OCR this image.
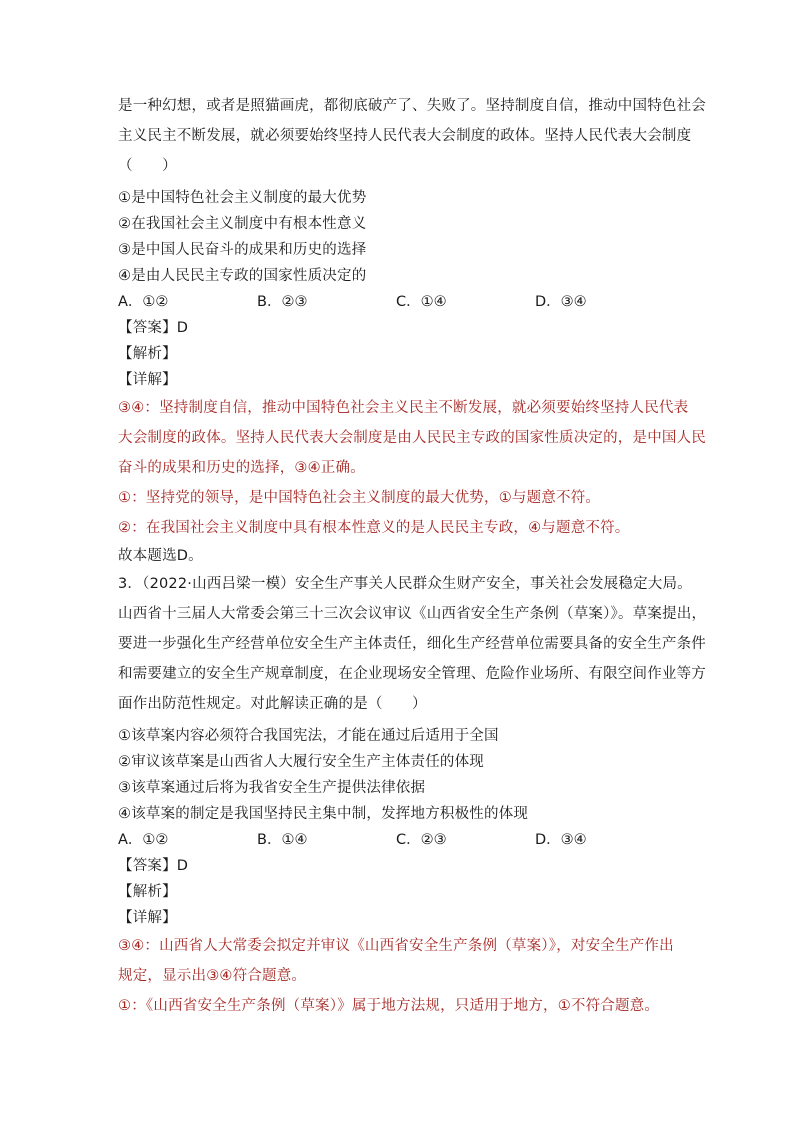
是一种幻想，或者是照猫画虎，都彻底破产了、失败了。坚持制度自信，推动中国特色社会
主义民主不断发展，就必须要始终坚持人民代表大会制度的政体。坚持人民代表大会制度
（　　）
①是中国特色社会主义制度的最大优势
②在我国社会主义制度中有根本性意义
③是中国人民奋斗的成果和历史的选择
④是由人民民主专政的国家性质决定的
A．①②	B．②③	C．①④	D．③④
【答案】D
【解析】
【详解】
③④：坚持制度自信，推动中国特色社会主义民主不断发展，就必须要始终坚持人民代表
大会制度的政体。坚持人民代表大会制度是由人民民主专政的国家性质决定的，是中国人民
奋斗的成果和历史的选择，③④正确。
①：坚持党的领导，是中国特色社会主义制度的最大优势，①与题意不符。
②：在我国社会主义制度中具有根本性意义的是人民民主专政，④与题意不符。
故本题选D。
3．（2022·山西吕梁一模）安全生产事关人民群众生财产安全，事关社会发展稳定大局。
山西省十三届人大常委会第三十三次会议审议《山西省安全生产条例（草案）》。草案提出，
要进一步强化生产经营单位安全生产主体责任，细化生产经营单位需要具备的安全生产条件
和需要建立的安全生产规章制度，在企业现场安全管理、危险作业场所、有限空间作业等方
面作出防范性规定。对此解读正确的是（　　）
①该草案内容必须符合我国宪法，才能在通过后适用于全国
②审议该草案是山西省人大履行安全生产主体责任的体现
③该草案通过后将为我省安全生产提供法律依据
④该草案的制定是我国坚持民主集中制，发挥地方积极性的体现
A．①②	B．①④	C．②③	D．③④
【答案】D
【解析】
【详解】
③④：山西省人大常委会拟定并审议《山西省安全生产条例（草案）》，对安全生产作出
规定，显示出③④符合题意。
①：《山西省安全生产条例（草案）》属于地方法规，只适用于地方，①不符合题意。
